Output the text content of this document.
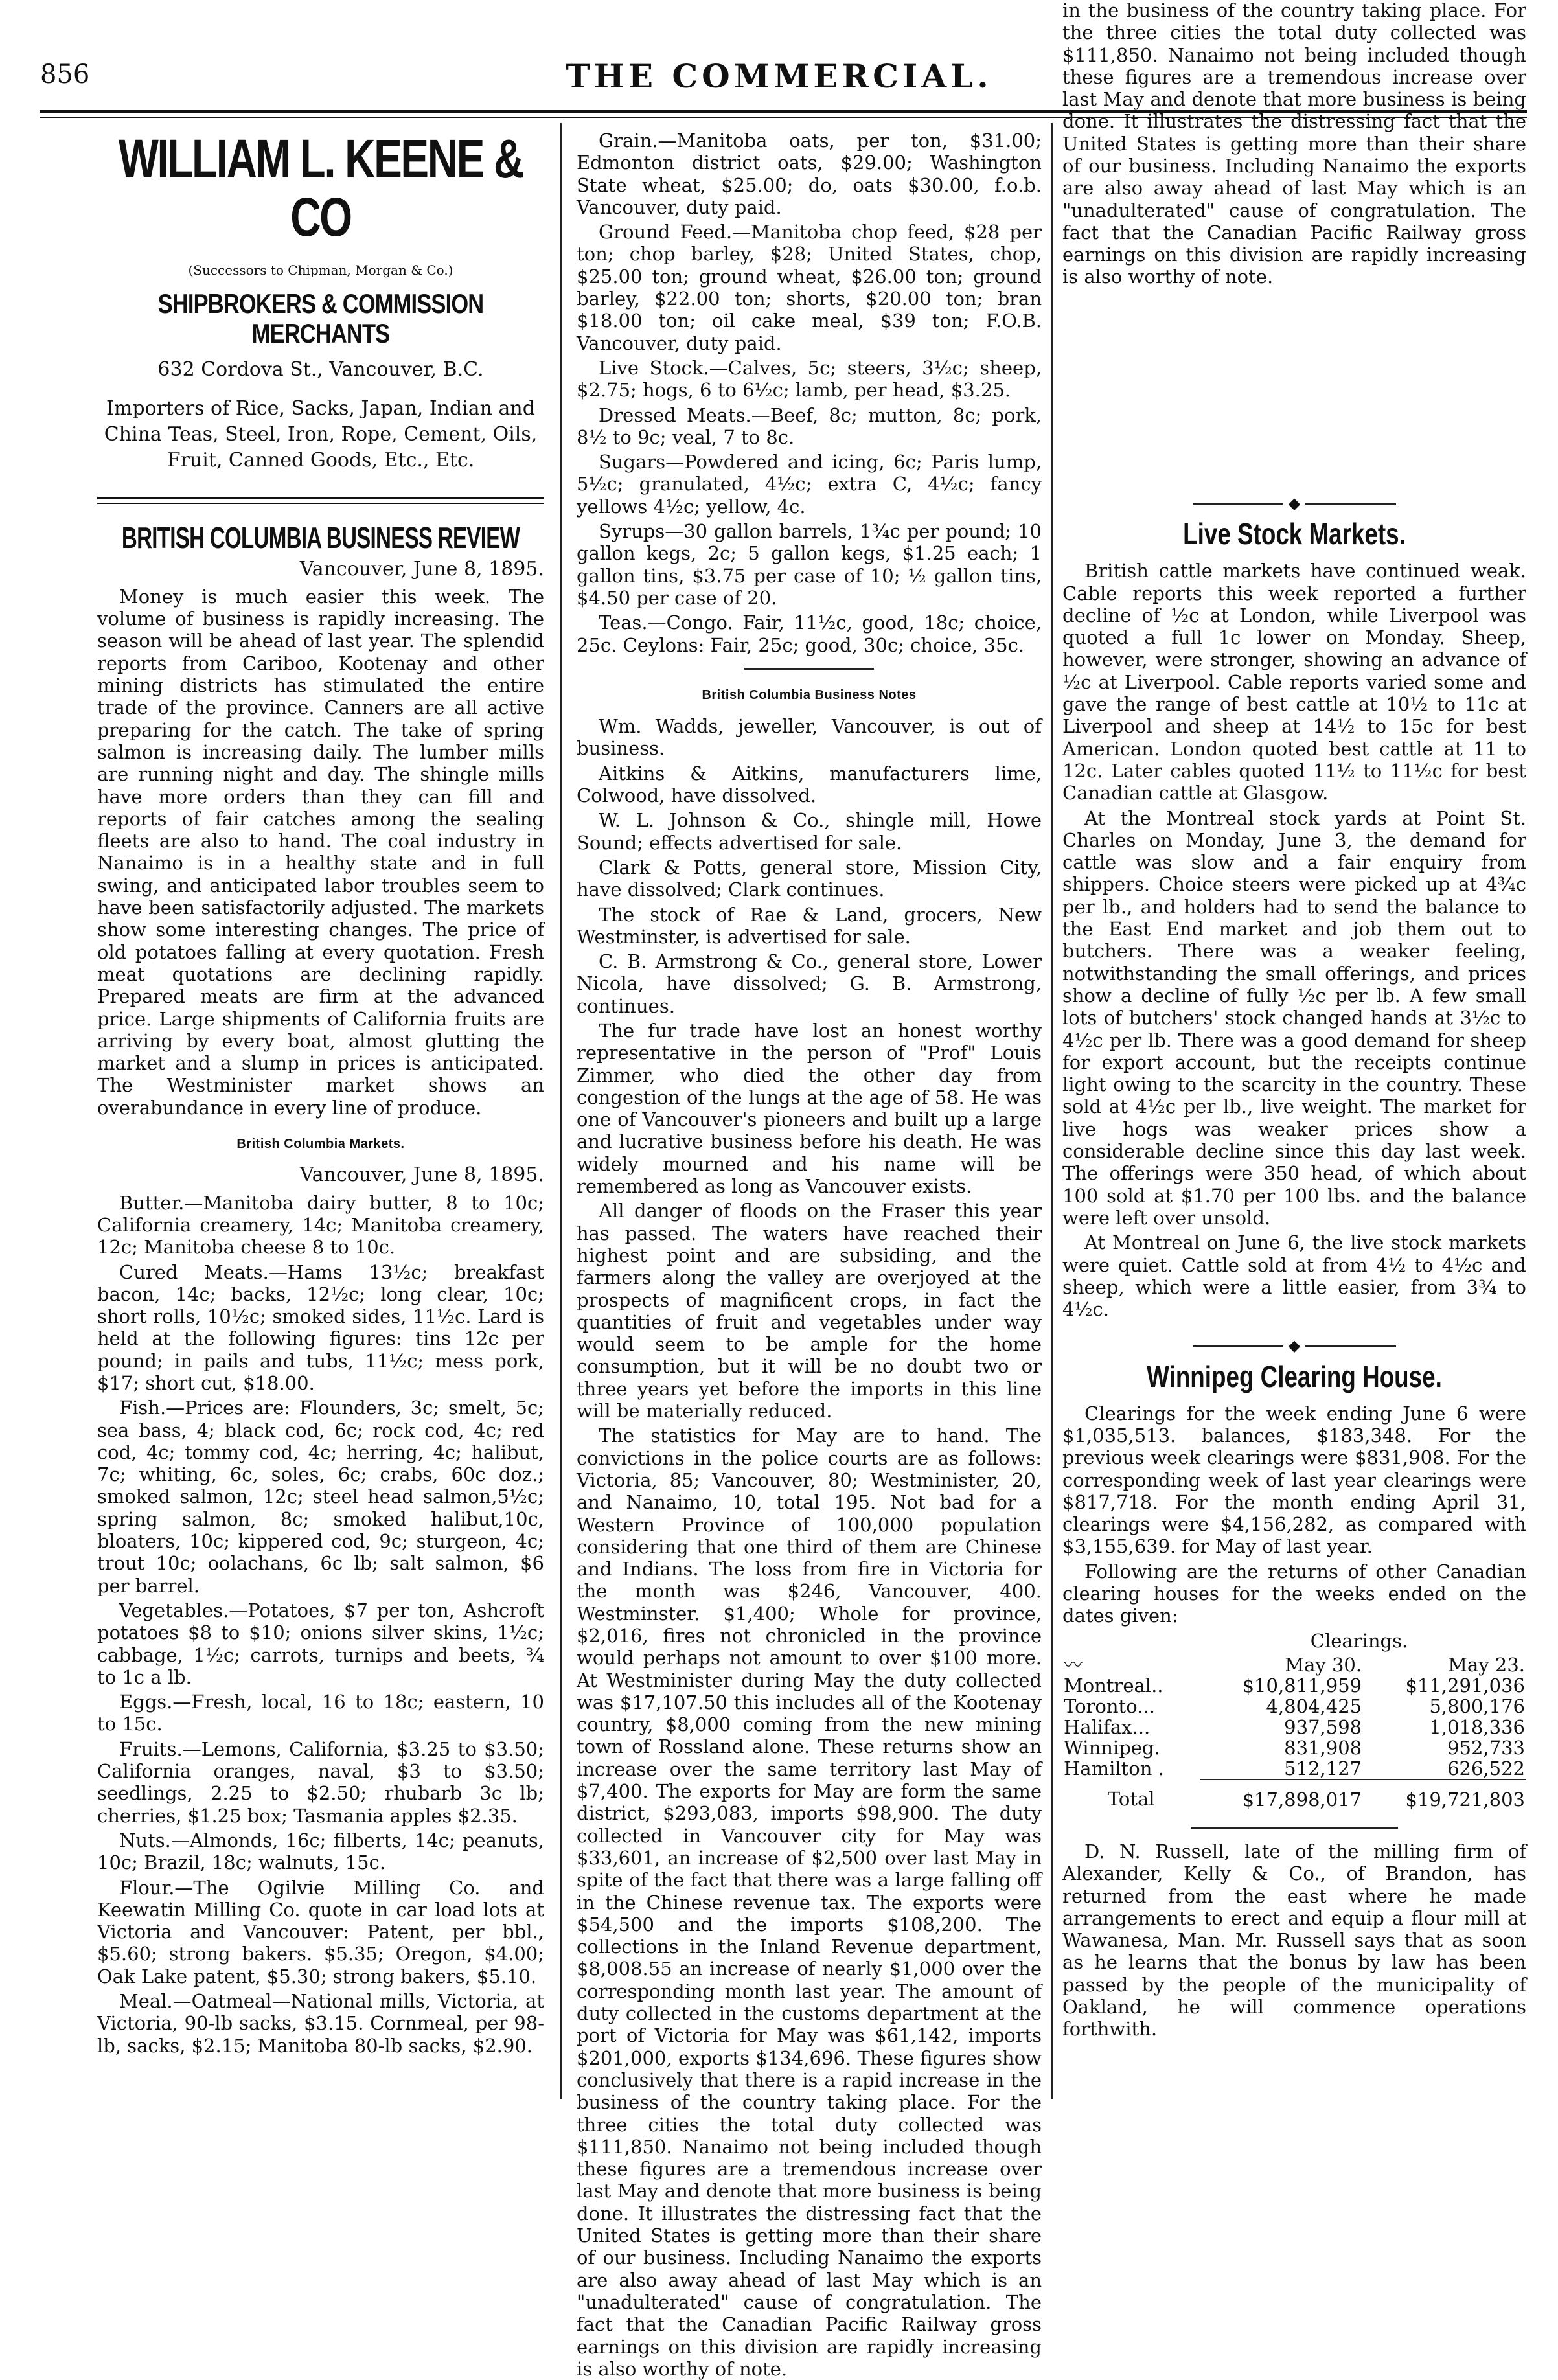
856	THE COMMERCIAL.
WILLIAM L. KEENE & CO
(Successors to Chipman, Morgan & Co.)
SHIPBROKERS & COMMISSION MERCHANTS
632 Cordova St., Vancouver, B.C.
Importers of Rice, Sacks, Japan, Indian and China Teas, Steel, Iron, Rope, Cement, Oils, Fruit, Canned Goods, Etc., Etc.
BRITISH COLUMBIA BUSINESS REVIEW
Vancouver, June 8, 1895.

Money is much easier this week. The volume of business is rapidly increasing. The season will be ahead of last year. The splendid reports from Cariboo, Kootenay and other mining districts has stimulated the entire trade of the province. Canners are all active preparing for the catch. The take of spring salmon is increasing daily. The lumber mills are running night and day. The shingle mills have more orders than they can fill and reports of fair catches among the sealing fleets are also to hand. The coal industry in Nanaimo is in a healthy state and in full swing, and anticipated labor troubles seem to have been satisfactorily adjusted. The markets show some interesting changes. The price of old potatoes falling at every quotation. Fresh meat quotations are declining rapidly. Prepared meats are firm at the advanced price. Large shipments of California fruits are arriving by every boat, almost glutting the market and a slump in prices is anticipated. The Westminister market shows an overabundance in every line of produce.

British Columbia Markets.
Vancouver, June 8, 1895.

Butter.—Manitoba dairy butter, 8 to 10c; California creamery, 14c; Manitoba creamery, 12c; Manitoba cheese 8 to 10c.

Cured Meats.—Hams 13½c; breakfast bacon, 14c; backs, 12½c; long clear, 10c; short rolls, 10½c; smoked sides, 11½c. Lard is held at the following figures: tins 12c per pound; in pails and tubs, 11½c; mess pork, $17; short cut, $18.00.

Fish.—Prices are: Flounders, 3c; smelt, 5c; sea bass, 4; black cod, 6c; rock cod, 4c; red cod, 4c; tommy cod, 4c; herring, 4c; halibut, 7c; whiting, 6c, soles, 6c; crabs, 60c doz.; smoked salmon, 12c; steel head salmon,5½c; spring salmon, 8c; smoked halibut,10c, bloaters, 10c; kippered cod, 9c; sturgeon, 4c; trout 10c; oolachans, 6c lb; salt salmon, $6 per barrel.

Vegetables.—Potatoes, $7 per ton, Ashcroft potatoes $8 to $10; onions silver skins, 1½c; cabbage, 1½c; carrots, turnips and beets, ¾ to 1c a lb.

Eggs.—Fresh, local, 16 to 18c; eastern, 10 to 15c.

Fruits.—Lemons, California, $3.25 to $3.50; California oranges, naval, $3 to $3.50; seedlings, 2.25 to $2.50; rhubarb 3c lb; cherries, $1.25 box; Tasmania apples $2.35.

Nuts.—Almonds, 16c; filberts, 14c; peanuts, 10c; Brazil, 18c; walnuts, 15c.

Flour.—The Ogilvie Milling Co. and Keewatin Milling Co. quote in car load lots at Victoria and Vancouver: Patent, per bbl., $5.60; strong bakers. $5.35; Oregon, $4.00; Oak Lake patent, $5.30; strong bakers, $5.10.

Meal.—Oatmeal—National mills, Victoria, at Victoria, 90-lb sacks, $3.15. Cornmeal, per 98-lb, sacks, $2.15; Manitoba 80-lb sacks, $2.90.

Grain.—Manitoba oats, per ton, $31.00; Edmonton district oats, $29.00; Washington State wheat, $25.00; do, oats $30.00, f.o.b. Vancouver, duty paid.

Ground Feed.—Manitoba chop feed, $28 per ton; chop barley, $28; United States, chop, $25.00 ton; ground wheat, $26.00 ton; ground barley, $22.00 ton; shorts, $20.00 ton; bran $18.00 ton; oil cake meal, $39 ton; F.O.B. Vancouver, duty paid.

Live Stock.—Calves, 5c; steers, 3½c; sheep, $2.75; hogs, 6 to 6½c; lamb, per head, $3.25.

Dressed Meats.—Beef, 8c; mutton, 8c; pork, 8½ to 9c; veal, 7 to 8c.

Sugars—Powdered and icing, 6c; Paris lump, 5½c; granulated, 4½c; extra C, 4½c; fancy yellows 4½c; yellow, 4c.

Syrups—30 gallon barrels, 1¾c per pound; 10 gallon kegs, 2c; 5 gallon kegs, $1.25 each; 1 gallon tins, $3.75 per case of 10; ½ gallon tins, $4.50 per case of 20.

Teas.—Congo. Fair, 11½c, good, 18c; choice, 25c. Ceylons: Fair, 25c; good, 30c; choice, 35c.

British Columbia Business Notes

Wm. Wadds, jeweller, Vancouver, is out of business.

Aitkins & Aitkins, manufacturers lime, Colwood, have dissolved.

W. L. Johnson & Co., shingle mill, Howe Sound; effects advertised for sale.

Clark & Potts, general store, Mission City, have dissolved; Clark continues.

The stock of Rae & Land, grocers, New Westminster, is advertised for sale.

C. B. Armstrong & Co., general store, Lower Nicola, have dissolved; G. B. Armstrong, continues.

The fur trade have lost an honest worthy representative in the person of "Prof" Louis Zimmer, who died the other day from congestion of the lungs at the age of 58. He was one of Vancouver's pioneers and built up a large and lucrative business before his death. He was widely mourned and his name will be remembered as long as Vancouver exists.

All danger of floods on the Fraser this year has passed. The waters have reached their highest point and are subsiding, and the farmers along the valley are overjoyed at the prospects of magnificent crops, in fact the quantities of fruit and vegetables under way would seem to be ample for the home consumption, but it will be no doubt two or three years yet before the imports in this line will be materially reduced.

The statistics for May are to hand. The convictions in the police courts are as follows: Victoria, 85; Vancouver, 80; Westminister, 20, and Nanaimo, 10, total 195. Not bad for a Western Province of 100,000 population considering that one third of them are Chinese and Indians. The loss from fire in Victoria for the month was $246, Vancouver, 400. Westminster. $1,400; Whole for province, $2,016, fires not chronicled in the province would perhaps not amount to over $100 more. At Westminister during May the duty collected was $17,107.50 this includes all of the Kootenay country, $8,000 coming from the new mining town of Rossland alone. These returns show an increase over the same territory last May of $7,400. The exports for May are form the same district, $293,083, imports $98,900. The duty collected in Vancouver city for May was $33,601, an increase of $2,500 over last May in spite of the fact that there was a large falling off in the Chinese revenue tax. The exports were $54,500 and the imports $108,200. The collections in the Inland Revenue department, $8,008.55 an increase of nearly $1,000 over the corresponding month last year. The amount of duty collected in the customs department at the port of Victoria for May was $61,142, imports $201,000, exports $134,696. These figures show conclusively that there is a rapid increase in the business of the country taking place. For the three cities the total duty collected was $111,850. Nanaimo not being included though these figures are a tremendous increase over last May and denote that more business is being done. It illustrates the distressing fact that the United States is getting more than their share of our business. Including Nanaimo the exports are also away ahead of last May which is an "unadulterated" cause of congratulation. The fact that the Canadian Pacific Railway gross earnings on this division are rapidly increasing is also worthy of note.

in the business of the country taking place. For the three cities the total duty collected was $111,850. Nanaimo not being included though these figures are a tremendous increase over last May and denote that more business is being done. It illustrates the distressing fact that the United States is getting more than their share of our business. Including Nanaimo the exports are also away ahead of last May which is an "unadulterated" cause of congratulation. The fact that the Canadian Pacific Railway gross earnings on this division are rapidly increasing is also worthy of note.

◆
Live Stock Markets.

British cattle markets have continued weak. Cable reports this week reported a further decline of ½c at London, while Liverpool was quoted a full 1c lower on Monday. Sheep, however, were stronger, showing an advance of ½c at Liverpool. Cable reports varied some and gave the range of best cattle at 10½ to 11c at Liverpool and sheep at 14½ to 15c for best American. London quoted best cattle at 11 to 12c. Later cables quoted 11½ to 11½c for best Canadian cattle at Glasgow.

At the Montreal stock yards at Point St. Charles on Monday, June 3, the demand for cattle was slow and a fair enquiry from shippers. Choice steers were picked up at 4¾c per lb., and holders had to send the balance to the East End market and job them out to butchers. There was a weaker feeling, notwithstanding the small offerings, and prices show a decline of fully ½c per lb. A few small lots of butchers' stock changed hands at 3½c to 4½c per lb. There was a good demand for sheep for export account, but the receipts continue light owing to the scarcity in the country. These sold at 4½c per lb., live weight. The market for live hogs was weaker prices show a considerable decline since this day last week. The offerings were 350 head, of which about 100 sold at $1.70 per 100 lbs. and the balance were left over unsold.

At Montreal on June 6, the live stock markets were quiet. Cattle sold at from 4½ to 4½c and sheep, which were a little easier, from 3¾ to 4½c.

◆
Winnipeg Clearing House.

Clearings for the week ending June 6 were $1,035,513. balances, $183,348. For the previous week clearings were $831,908. For the corresponding week of last year clearings were $817,718. For the month ending April 31, clearings were $4,156,282, as compared with $3,155,639. for May of last year.

Following are the returns of other Canadian clearing houses for the weeks ended on the dates given:

Clearings.
〰	May 30.	May 23.
Montreal..	$10,811,959	$11,291,036
Toronto...	4,804,425	5,800,176
Halifax...	937,598	1,018,336
Winnipeg.	831,908	952,733
Hamilton .	512,127	626,522
Total	$17,898,017	$19,721,803

D. N. Russell, late of the milling firm of Alexander, Kelly & Co., of Brandon, has returned from the east where he made arrangements to erect and equip a flour mill at Wawanesa, Man. Mr. Russell says that as soon as he learns that the bonus by law has been passed by the people of the municipality of Oakland, he will commence operations forthwith.
